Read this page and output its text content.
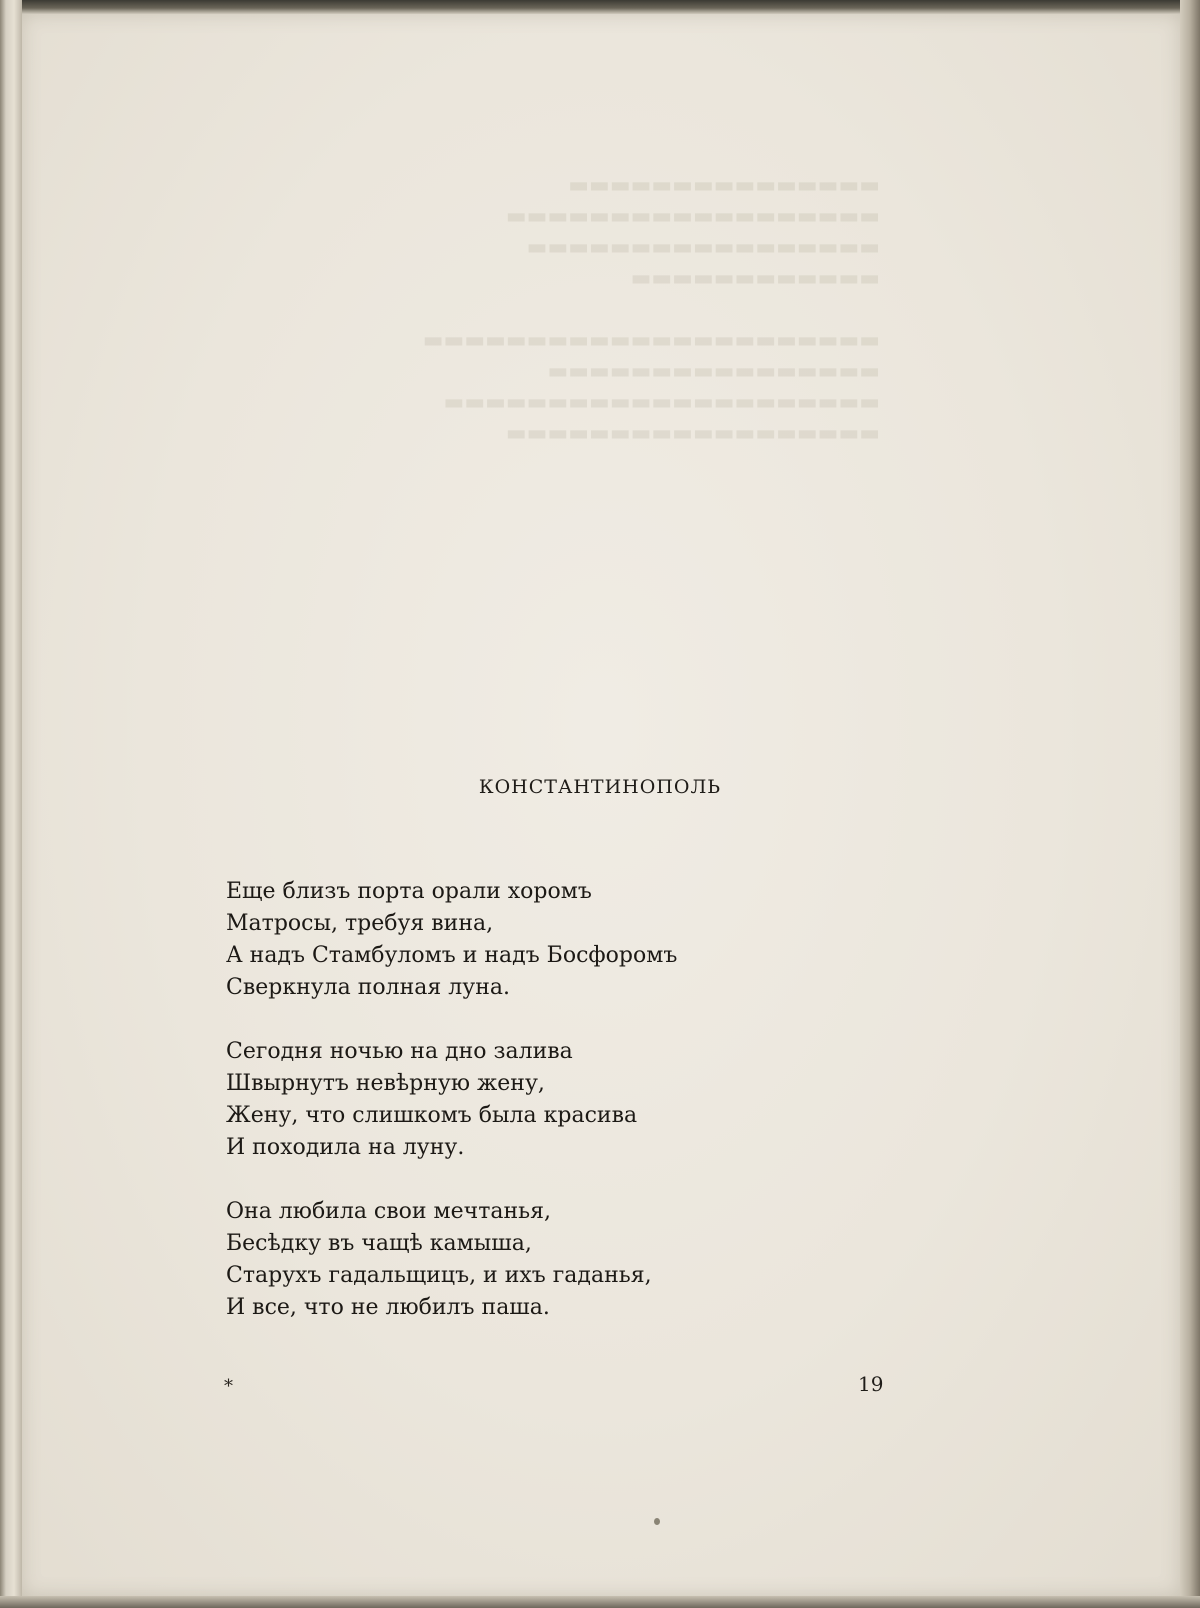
▬▬▬▬▬▬▬▬▬▬▬▬▬▬▬
▬▬▬▬▬▬▬▬▬▬▬▬▬▬▬▬▬▬
▬▬▬▬▬▬▬▬▬▬▬▬▬▬▬▬▬
▬▬▬▬▬▬▬▬▬▬▬▬

▬▬▬▬▬▬▬▬▬▬▬▬▬▬▬▬▬▬▬▬▬▬
▬▬▬▬▬▬▬▬▬▬▬▬▬▬▬▬
▬▬▬▬▬▬▬▬▬▬▬▬▬▬▬▬▬▬▬▬▬
▬▬▬▬▬▬▬▬▬▬▬▬▬▬▬▬▬▬
КОНСТАНТИНОПОЛЬ
Еще близъ порта орали хоромъ
Матросы, требуя вина,
А надъ Стамбуломъ и надъ Босфоромъ
Сверкнула полная луна.
Сегодня ночью на дно залива
Швырнутъ невѣрную жену,
Жену, что слишкомъ была красива
И походила на луну.
Она любила свои мечтанья,
Бесѣдку въ чащѣ камыша,
Старухъ гадальщицъ, и ихъ гаданья,
И все, что не любилъ паша.
*	19
